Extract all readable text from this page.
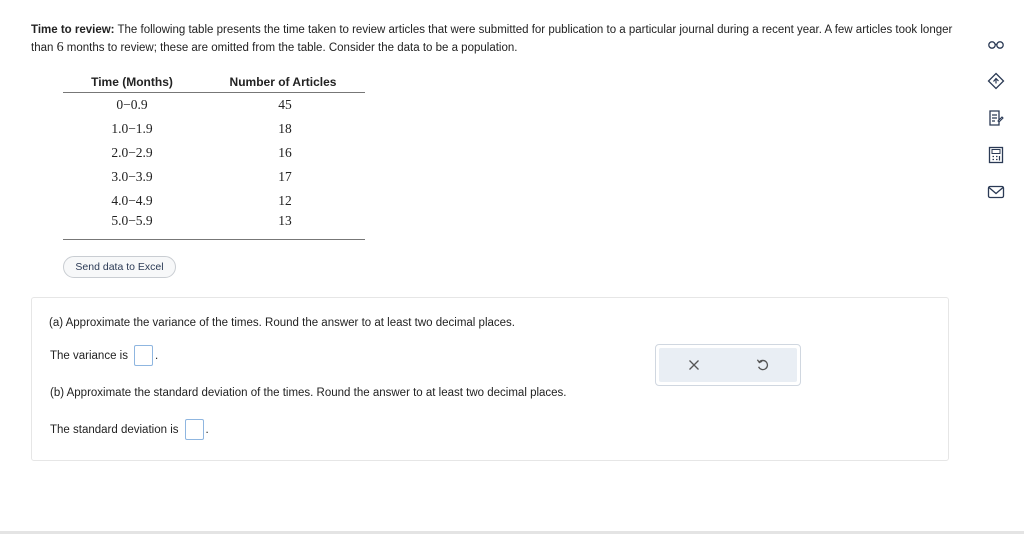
Time to review: The following table presents the time taken to review articles that were submitted for publication to a particular journal during a recent year. A few articles took longer than 6 months to review; these are omitted from the table. Consider the data to be a population.
Time (Months)	Number of Articles
0−0.9	45
1.0−1.9	18
2.0−2.9	16
3.0−3.9	17
4.0−4.9	12
5.0−5.9	13
Send data to Excel
(a) Approximate the variance of the times. Round the answer to at least two decimal places.
The variance is .
(b) Approximate the standard deviation of the times. Round the answer to at least two decimal places.
The standard deviation is .
